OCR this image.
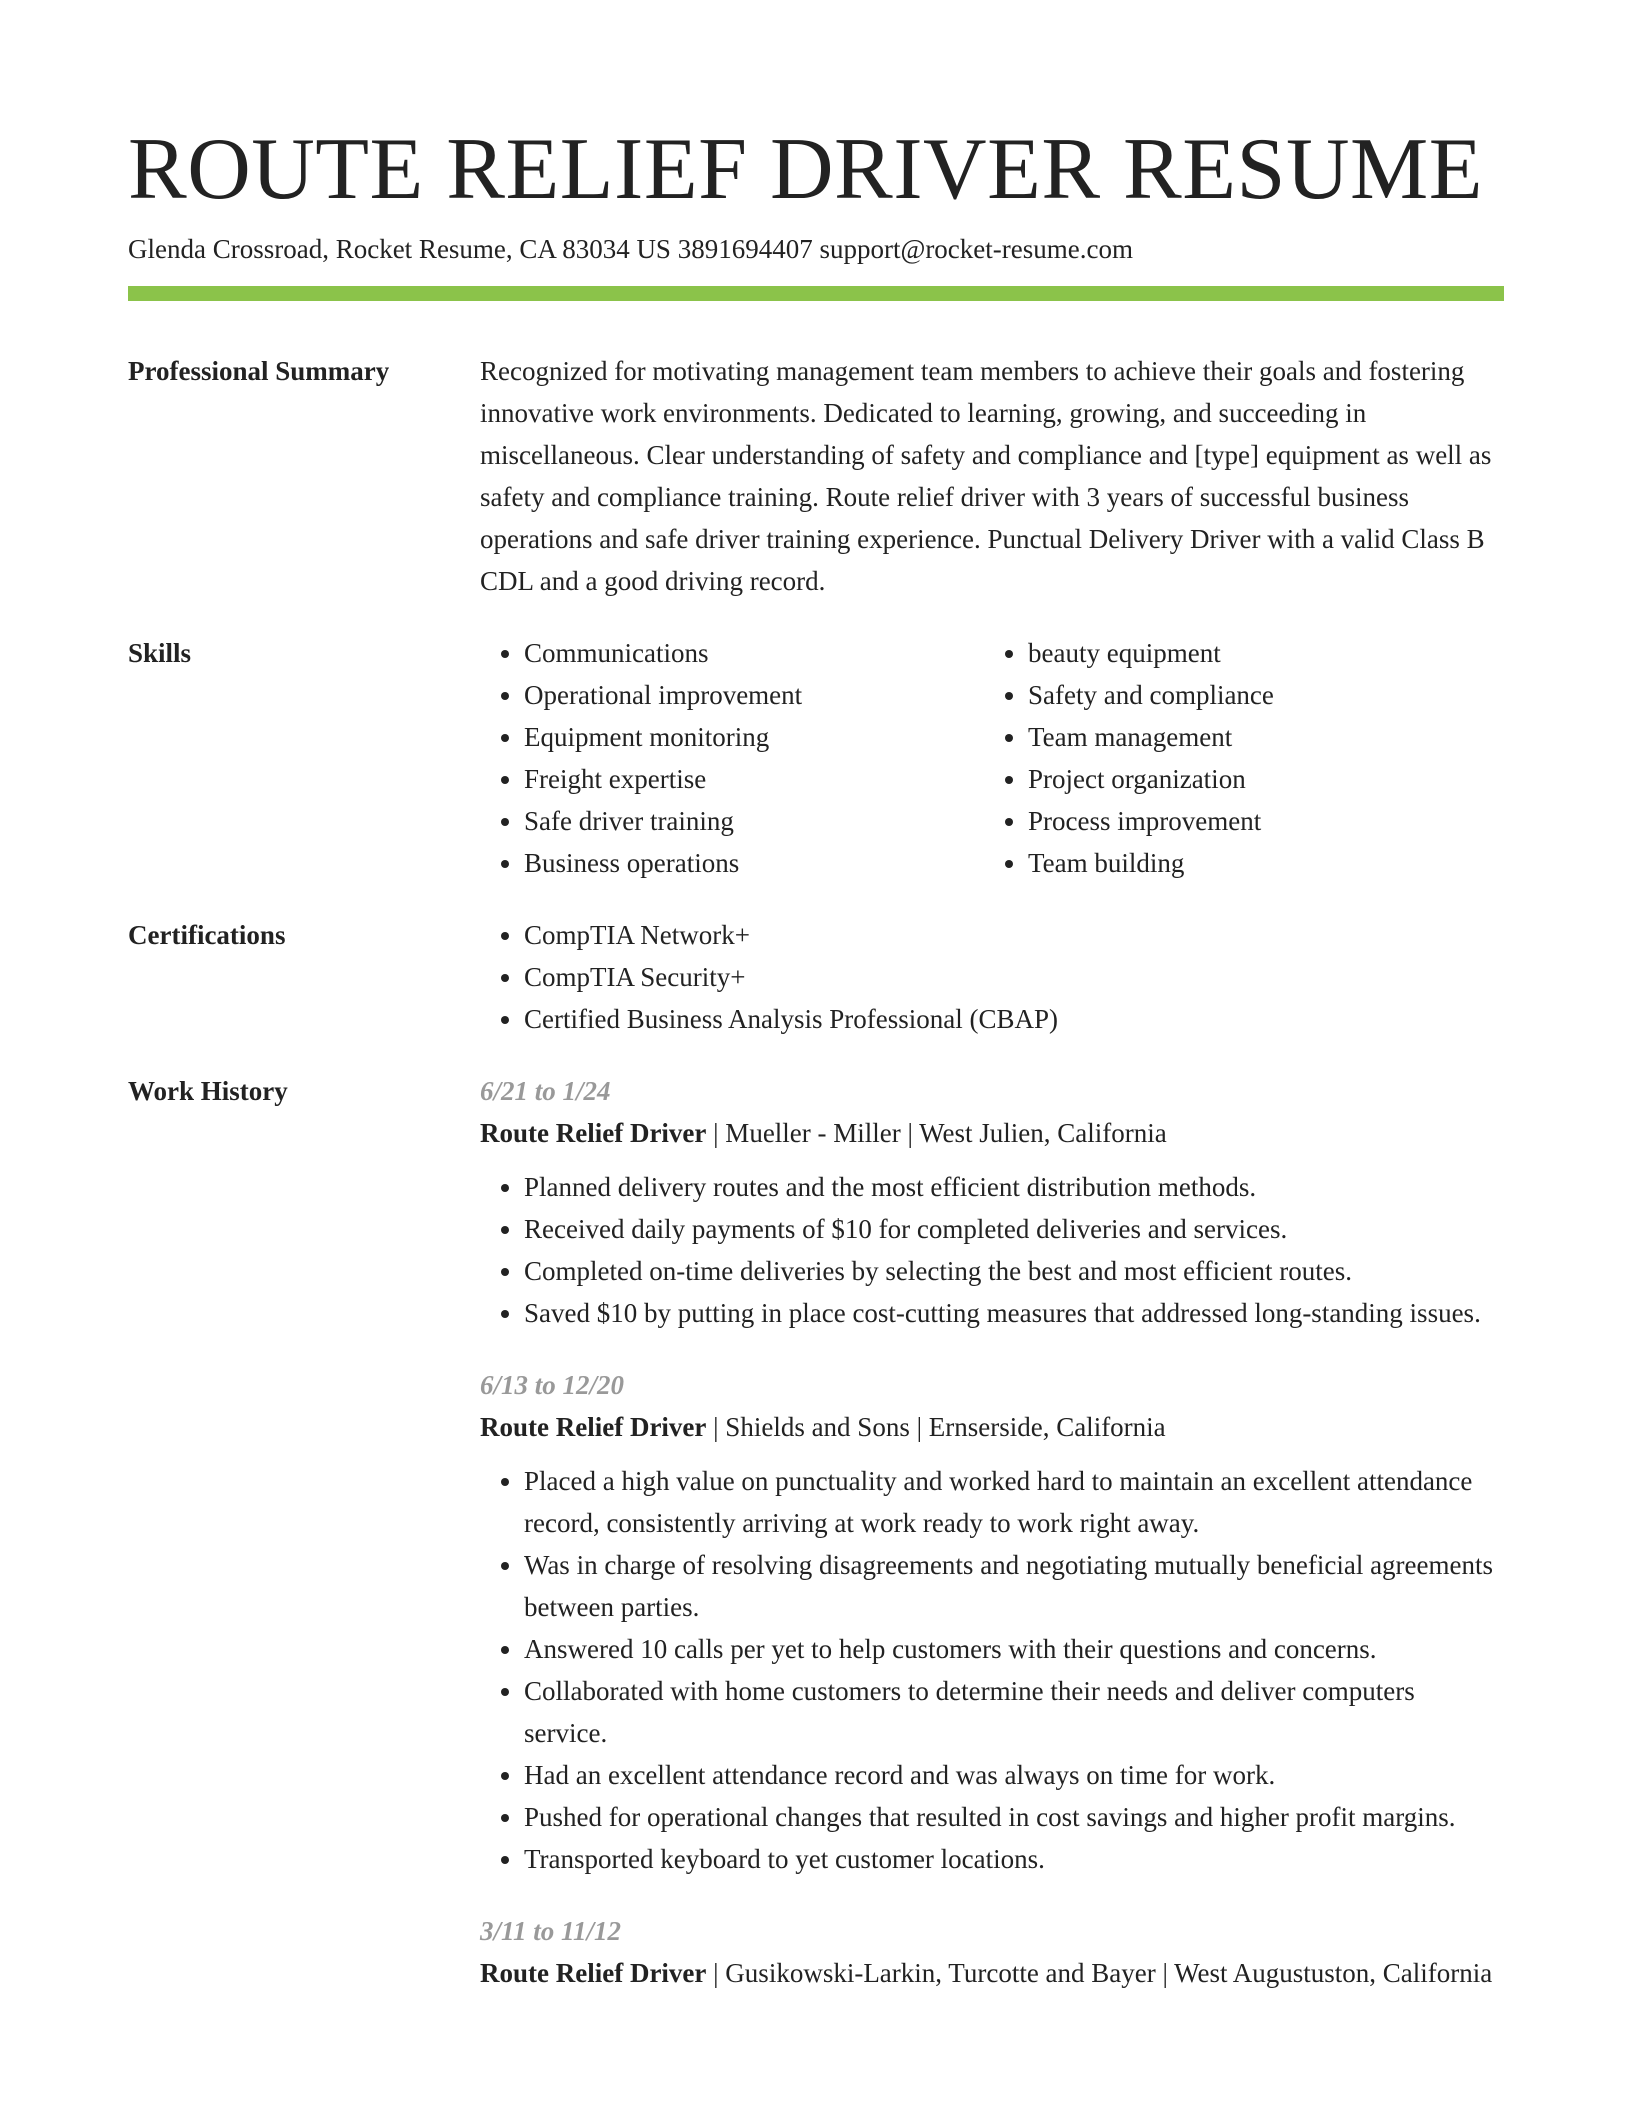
ROUTE RELIEF DRIVER RESUME
Glenda Crossroad, Rocket Resume, CA 83034 US 3891694407 support@rocket-resume.com
Professional Summary	Recognized for motivating management team members to achieve their goals and fostering innovative work environments. Dedicated to learning, growing, and succeeding in miscellaneous. Clear understanding of safety and compliance and [type] equipment as well as safety and compliance training. Route relief driver with 3 years of successful business operations and safe driver training experience. Punctual Delivery Driver with a valid Class B CDL and a good driving record.

Skills	• Communications
• Operational improvement
• Equipment monitoring
• Freight expertise
• Safe driver training
• Business operations
• beauty equipment
• Safety and compliance
• Team management
• Project organization
• Process improvement
• Team building
Certifications	• CompTIA Network+
• CompTIA Security+
• Certified Business Analysis Professional (CBAP)
Work History	6/21 to 1/24
Route Relief Driver | Mueller - Miller | West Julien, California
• Planned delivery routes and the most efficient distribution methods.
• Received daily payments of $10 for completed deliveries and services.
• Completed on-time deliveries by selecting the best and most efficient routes.
• Saved $10 by putting in place cost-cutting measures that addressed long-standing issues.
6/13 to 12/20
Route Relief Driver | Shields and Sons | Ernserside, California
• Placed a high value on punctuality and worked hard to maintain an excellent attendance record, consistently arriving at work ready to work right away.
• Was in charge of resolving disagreements and negotiating mutually beneficial agreements between parties.
• Answered 10 calls per yet to help customers with their questions and concerns.
• Collaborated with home customers to determine their needs and deliver computers service.
• Had an excellent attendance record and was always on time for work.
• Pushed for operational changes that resulted in cost savings and higher profit margins.
• Transported keyboard to yet customer locations.
3/11 to 11/12
Route Relief Driver | Gusikowski-Larkin, Turcotte and Bayer | West Augustuston, California
